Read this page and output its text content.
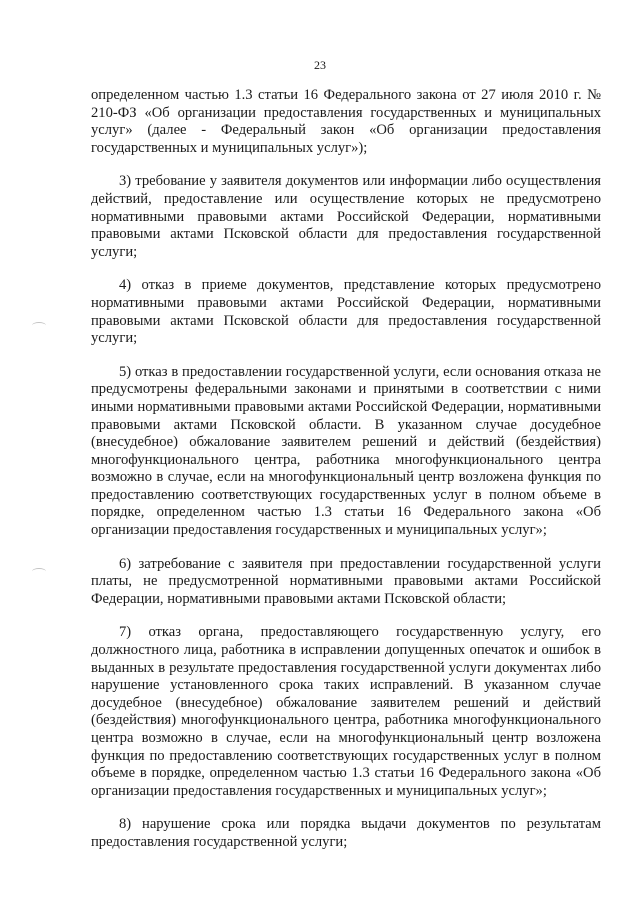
23

определенном частью 1.3 статьи 16 Федерального закона от 27 июля 2010 г. № 210-ФЗ «Об организации предоставления государственных и муниципальных услуг» (далее - Федеральный закон «Об организации предоставления государственных и муниципальных услуг»);

3) требование у заявителя документов или информации либо осуществления действий, предоставление или осуществление которых не предусмотрено нормативными правовыми актами Российской Федерации, нормативными правовыми актами Псковской области для предоставления государственной услуги;

4) отказ в приеме документов, представление которых предусмотрено нормативными правовыми актами Российской Федерации, нормативными правовыми актами Псковской области для предоставления государственной услуги;

5) отказ в предоставлении государственной услуги, если основания отказа не предусмотрены федеральными законами и принятыми в соответствии с ними иными нормативными правовыми актами Российской Федерации, нормативными правовыми актами Псковской области. В указанном случае досудебное (внесудебное) обжалование заявителем решений и действий (бездействия) многофункционального центра, работника многофункционального центра возможно в случае, если на многофункциональный центр возложена функция по предоставлению соответствующих государственных услуг в полном объеме в порядке, определенном частью 1.3 статьи 16 Федерального закона «Об организации предоставления государственных и муниципальных услуг»;

6) затребование с заявителя при предоставлении государственной услуги платы, не предусмотренной нормативными правовыми актами Российской Федерации, нормативными правовыми актами Псковской области;

7) отказ органа, предоставляющего государственную услугу, его должностного лица, работника в исправлении допущенных опечаток и ошибок в выданных в результате предоставления государственной услуги документах либо нарушение установленного срока таких исправлений. В указанном случае досудебное (внесудебное) обжалование заявителем решений и действий (бездействия) многофункционального центра, работника многофункционального центра возможно в случае, если на многофункциональный центр возложена функция по предоставлению соответствующих государственных услуг в полном объеме в порядке, определенном частью 1.3 статьи 16 Федерального закона «Об организации предоставления государственных и муниципальных услуг»;

8) нарушение срока или порядка выдачи документов по результатам предоставления государственной услуги;
